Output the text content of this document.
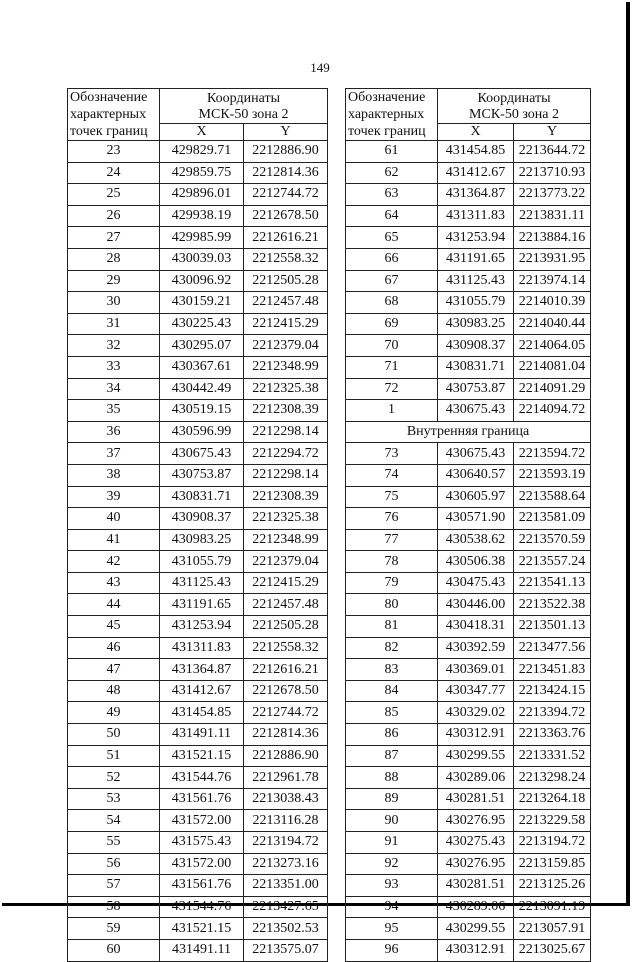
149
Обозначение характерных точек границ	Координаты
МСК-50 зона 2	
	X	Y
23	429829.71	2212886.90
24	429859.75	2212814.36
25	429896.01	2212744.72
26	429938.19	2212678.50
27	429985.99	2212616.21
28	430039.03	2212558.32
29	430096.92	2212505.28
30	430159.21	2212457.48
31	430225.43	2212415.29
32	430295.07	2212379.04
33	430367.61	2212348.99
34	430442.49	2212325.38
35	430519.15	2212308.39
36	430596.99	2212298.14
37	430675.43	2212294.72
38	430753.87	2212298.14
39	430831.71	2212308.39
40	430908.37	2212325.38
41	430983.25	2212348.99
42	431055.79	2212379.04
43	431125.43	2212415.29
44	431191.65	2212457.48
45	431253.94	2212505.28
46	431311.83	2212558.32
47	431364.87	2212616.21
48	431412.67	2212678.50
49	431454.85	2212744.72
50	431491.11	2212814.36
51	431521.15	2212886.90
52	431544.76	2212961.78
53	431561.76	2213038.43
54	431572.00	2213116.28
55	431575.43	2213194.72
56	431572.00	2213273.16
57	431561.76	2213351.00
58	431544.76	2213427.65
59	431521.15	2213502.53
60	431491.11	2213575.07
Обозначение характерных точек границ	Координаты
МСК-50 зона 2	
	X	Y
61	431454.85	2213644.72
62	431412.67	2213710.93
63	431364.87	2213773.22
64	431311.83	2213831.11
65	431253.94	2213884.16
66	431191.65	2213931.95
67	431125.43	2213974.14
68	431055.79	2214010.39
69	430983.25	2214040.44
70	430908.37	2214064.05
71	430831.71	2214081.04
72	430753.87	2214091.29
1	430675.43	2214094.72
Внутренняя граница		
73	430675.43	2213594.72
74	430640.57	2213593.19
75	430605.97	2213588.64
76	430571.90	2213581.09
77	430538.62	2213570.59
78	430506.38	2213557.24
79	430475.43	2213541.13
80	430446.00	2213522.38
81	430418.31	2213501.13
82	430392.59	2213477.56
83	430369.01	2213451.83
84	430347.77	2213424.15
85	430329.02	2213394.72
86	430312.91	2213363.76
87	430299.55	2213331.52
88	430289.06	2213298.24
89	430281.51	2213264.18
90	430276.95	2213229.58
91	430275.43	2213194.72
92	430276.95	2213159.85
93	430281.51	2213125.26
94	430289.06	2213091.19
95	430299.55	2213057.91
96	430312.91	2213025.67
